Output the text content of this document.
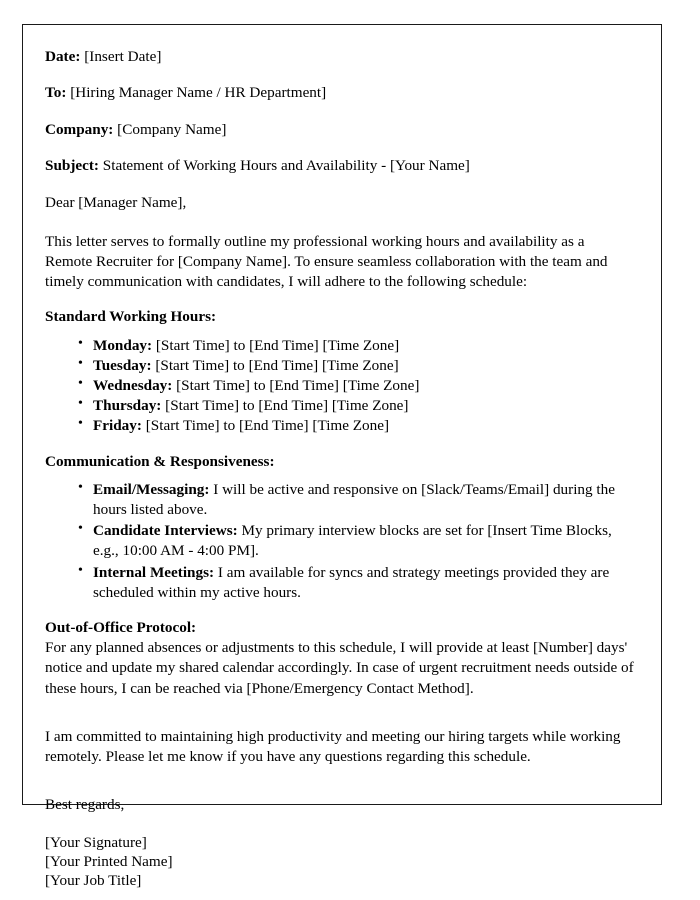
Date: [Insert Date]

To: [Hiring Manager Name / HR Department]

Company: [Company Name]

Subject: Statement of Working Hours and Availability - [Your Name]

Dear [Manager Name],

This letter serves to formally outline my professional working hours and availability as a Remote Recruiter for [Company Name]. To ensure seamless collaboration with the team and timely communication with candidates, I will adhere to the following schedule:

Standard Working Hours:

• Monday: [Start Time] to [End Time] [Time Zone]
• Tuesday: [Start Time] to [End Time] [Time Zone]
• Wednesday: [Start Time] to [End Time] [Time Zone]
• Thursday: [Start Time] to [End Time] [Time Zone]
• Friday: [Start Time] to [End Time] [Time Zone]

Communication & Responsiveness:

• Email/Messaging: I will be active and responsive on [Slack/Teams/Email] during the hours listed above.
• Candidate Interviews: My primary interview blocks are set for [Insert Time Blocks, e.g., 10:00 AM - 4:00 PM].
• Internal Meetings: I am available for syncs and strategy meetings provided they are scheduled within my active hours.

Out-of-Office Protocol:

For any planned absences or adjustments to this schedule, I will provide at least [Number] days' notice and update my shared calendar accordingly. In case of urgent recruitment needs outside of these hours, I can be reached via [Phone/Emergency Contact Method].

I am committed to maintaining high productivity and meeting our hiring targets while working remotely. Please let me know if you have any questions regarding this schedule.

Best regards,

[Your Signature]

[Your Printed Name]

[Your Job Title]
